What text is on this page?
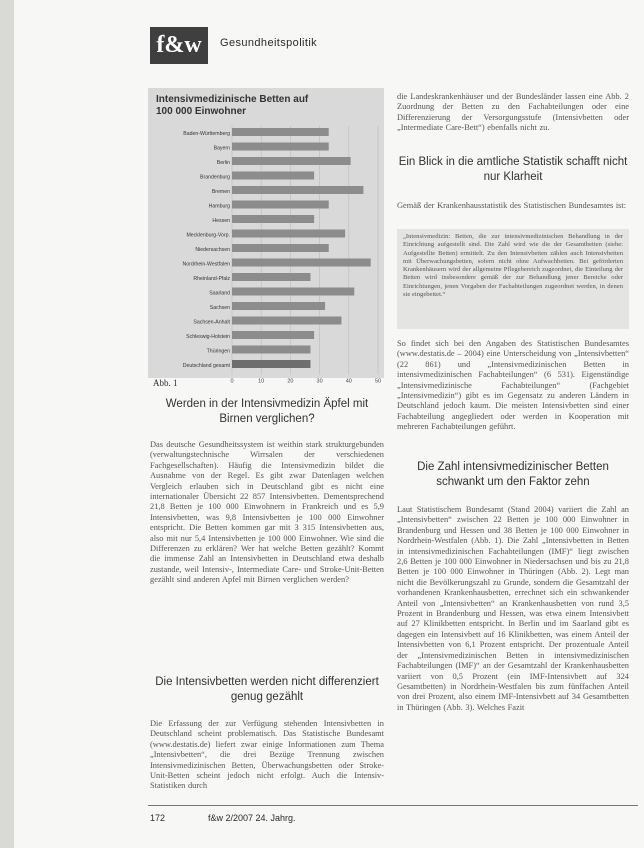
f&w	Gesundheitspolitik
Intensivmedizinische Betten auf 100 000 Einwohner
Baden-Württemberg
Bayern
Berlin
Brandenburg
Bremen
Hamburg
Hessen
Mecklenburg-Vorp.
Niedersachsen
Nordrhein-Westfalen
Rheinland-Pfalz
Saarland
Sachsen
Sachsen-Anhalt
Schleswig-Holstein
Thüringen
Deutschland gesamt
0	10	20	30	40	50
Abb. 1
Werden in der Intensivmedizin Äpfel mit Birnen verglichen?
Das deutsche Gesundheitssystem ist weithin stark strukturgebunden (verwaltungstechnische Wirrsalen der verschiedenen Fachgesellschaften). Häufig die Intensivmedizin bildet die Ausnahme von der Regel. Es gibt zwar Datenlagen welchen Vergleich erlauben sich in Deutschland gibt es nicht eine internationaler Übersicht 22 857 Intensivbetten. Dementsprechend 21,8 Betten je 100 000 Einwohnern in Frankreich und es 5,9 Intensivbetten, was 9,8 Intensivbetten je 100 000 Einwohner entspricht. Die Betten kommen gar mit 3 315 Intensivbetten aus, also mit nur 5,4 Intensivbetten je 100 000 Einwohner. Wie sind die Differenzen zu erklären? Wer hat welche Betten gezählt? Kommt die immense Zahl an Intensivbetten in Deutschland etwa deshalb zustande, weil Intensiv-, Intermediate Care- und Stroke-Unit-Betten gezählt sind anderen Apfel mit Birnen verglichen werden?
Die Intensivbetten werden nicht differenziert genug gezählt
Die Erfassung der zur Verfügung stehenden Intensivbetten in Deutschland scheint problematisch. Das Statistische Bundesamt (www.destatis.de) liefert zwar einige Informationen zum Thema „Intensivbetten“, die drei Bezüge Trennung zwischen Intensivmedizinischen Betten, Überwachungsbetten oder Stroke-Unit-Betten scheint jedoch nicht erfolgt. Auch die Intensiv-Statistiken durch
die Landeskrankenhäuser und der Bundesländer lassen eine Abb. 2 Zuordnung der Betten zu den Fachabteilungen oder eine Differenzierung der Versorgungsstufe (Intensivbetten oder „Intermediate Care-Bett“) ebenfalls nicht zu.
Ein Blick in die amtliche Statistik schafft nicht nur Klarheit
Gemäß der Krankenhausstatistik des Statistischen Bundesamtes ist:
„Intensivmedizin: Betten, die zur intensivmedizinischen Behandlung in der Einrichtung aufgestellt sind. Die Zahl wird wie die der Gesamtbetten (siehe: Aufgestellte Betten) ermittelt. Zu den Intensivbetten zählen auch Intensivbetten mit Überwachungsbetten, sofern nicht ohne Aufwachbetten. Bei geförderten Krankenhäusern wird der allgemeine Pflegebereich zugeordnet, die Einteilung der Betten wird insbesondere gemäß der zur Behandlung jener Bereiche oder Einrichtungen, jenen Vorgaben der Fachabteilungen zugeordnet werden, in denen sie eingebettet.“
So findet sich bei den Angaben des Statistischen Bundesamtes (www.destatis.de – 2004) eine Unterscheidung von „Intensivbetten“ (22 861) und „Intensivmedizinischen Betten in intensivmedizinischen Fachabteilungen“ (6 531). Eigenständige „Intensivmedizinische Fachabteilungen“ (Fachgebiet „Intensivmedizin“) gibt es im Gegensatz zu anderen Ländern in Deutschland jedoch kaum. Die meisten Intensivbetten sind einer Fachabteilung angegliedert oder werden in Kooperation mit mehreren Fachabteilungen geführt.
Die Zahl intensivmedizinischer Betten schwankt um den Faktor zehn
Laut Statistischem Bundesamt (Stand 2004) variiert die Zahl an „Intensivbetten“ zwischen 22 Betten je 100 000 Einwohner in Brandenburg und Hessen und 38 Betten je 100 000 Einwohner in Nordrhein-Westfalen (Abb. 1). Die Zahl „Intensivbetten in Betten in intensivmedizinischen Fachabteilungen (IMF)“ liegt zwischen 2,6 Betten je 100 000 Einwohner in Niedersachsen und bis zu 21,8 Betten je 100 000 Einwohner in Thüringen (Abb. 2). Legt man nicht die Bevölkerungszahl zu Grunde, sondern die Gesamtzahl der vorhandenen Krankenhausbetten, errechnet sich ein schwankender Anteil von „Intensivbetten“ an Krankenhausbetten von rund 3,5 Prozent in Brandenburg und Hessen, was etwa einem Intensivbett auf 27 Klinikbetten entspricht. In Berlin und im Saarland gibt es dagegen ein Intensivbett auf 16 Klinikbetten, was einem Anteil der Intensivbetten von 6,1 Prozent entspricht. Der prozentuale Anteil der „Intensivmedizinischen Betten in intensivmedizinischen Fachabteilungen (IMF)“ an der Gesamtzahl der Krankenhausbetten variiert von 0,5 Prozent (ein IMF-Intensivbett auf 324 Gesamtbetten) in Nordrhein-Westfalen bis zum fünffachen Anteil von drei Prozent, also einem IMF-Intensivbett auf 34 Gesamtbetten in Thüringen (Abb. 3). Welches Fazit
172	f&w 2/2007 24. Jahrg.
